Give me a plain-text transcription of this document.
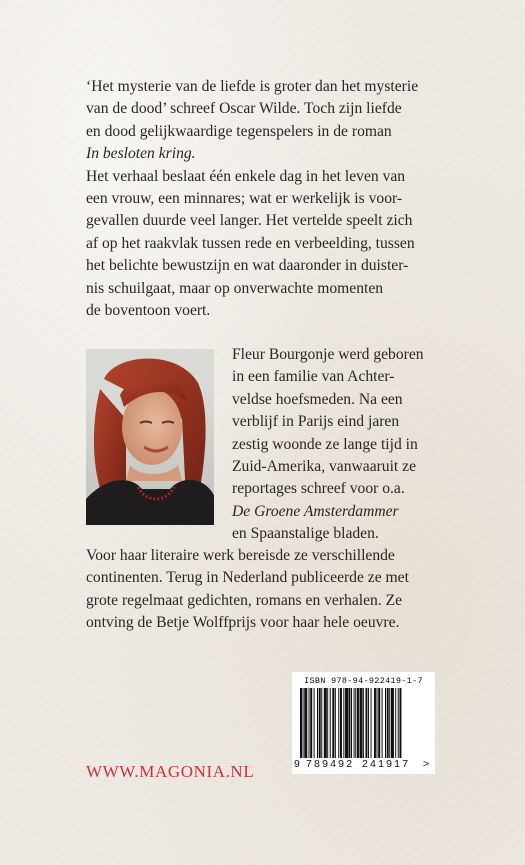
‘Het mysterie van de liefde is groter dan het mysterie
van de dood’ schreef Oscar Wilde. Toch zijn liefde
en dood gelijkwaardige tegenspelers in de roman
In besloten kring.
Het verhaal beslaat één enkele dag in het leven van
een vrouw, een minnares; wat er werkelijk is voor-
gevallen duurde veel langer. Het vertelde speelt zich
af op het raakvlak tussen rede en verbeelding, tussen
het belichte bewustzijn en wat daaronder in duister-
nis schuilgaat, maar op onverwachte momenten
de boventoon voert.
Fleur Bourgonje werd geboren
in een familie van Achter-
veldse hoefsmeden. Na een
verblijf in Parijs eind jaren
zestig woonde ze lange tijd in
Zuid-Amerika, vanwaaruit ze
reportages schreef voor o.a.
De Groene Amsterdammer
en Spaanstalige bladen.
Voor haar literaire werk bereisde ze verschillende
continenten. Terug in Nederland publiceerde ze met
grote regelmaat gedichten, romans en verhalen. Ze
ontving de Betje Wolffprijs voor haar hele oeuvre.
ISBN 978-94-922419-1-7
9 789492 241917 >
WWW.MAGONIA.NL
